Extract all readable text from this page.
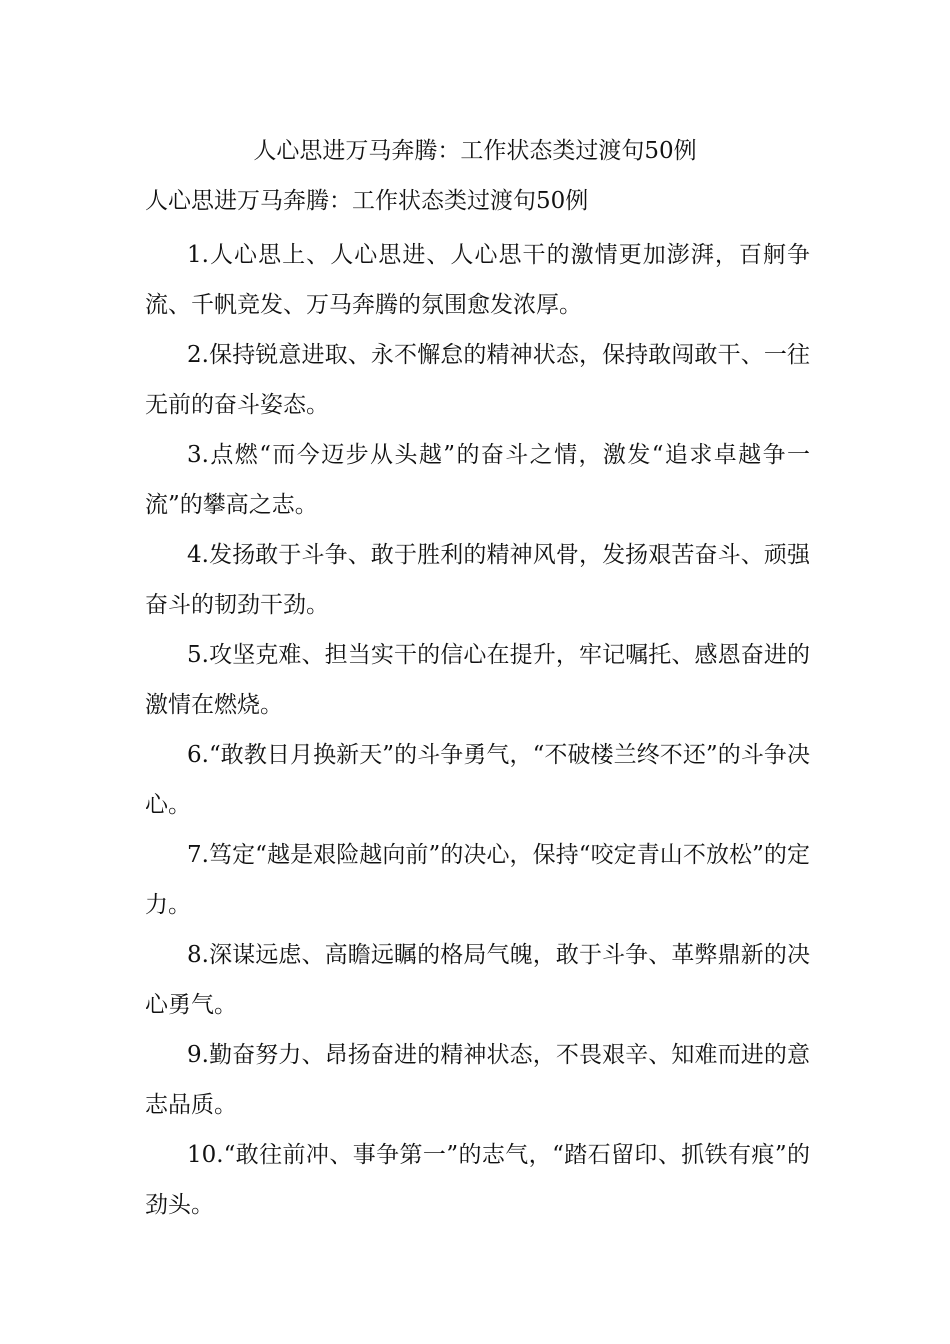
人心思进万马奔腾：工作状态类过渡句50例
人心思进万马奔腾：工作状态类过渡句50例

1.人心思上、人心思进、人心思干的激情更加澎湃，百舸争流、千帆竞发、万马奔腾的氛围愈发浓厚。

2.保持锐意进取、永不懈怠的精神状态，保持敢闯敢干、一往无前的奋斗姿态。

3.点燃“而今迈步从头越”的奋斗之情，激发“追求卓越争一流”的攀高之志。

4.发扬敢于斗争、敢于胜利的精神风骨，发扬艰苦奋斗、顽强奋斗的韧劲干劲。

5.攻坚克难、担当实干的信心在提升，牢记嘱托、感恩奋进的激情在燃烧。

6.“敢教日月换新天”的斗争勇气，“不破楼兰终不还”的斗争决心。

7.笃定“越是艰险越向前”的决心，保持“咬定青山不放松”的定力。

8.深谋远虑、高瞻远瞩的格局气魄，敢于斗争、革弊鼎新的决心勇气。

9.勤奋努力、昂扬奋进的精神状态，不畏艰辛、知难而进的意志品质。

10.“敢往前冲、事争第一”的志气，“踏石留印、抓铁有痕”的劲头。
